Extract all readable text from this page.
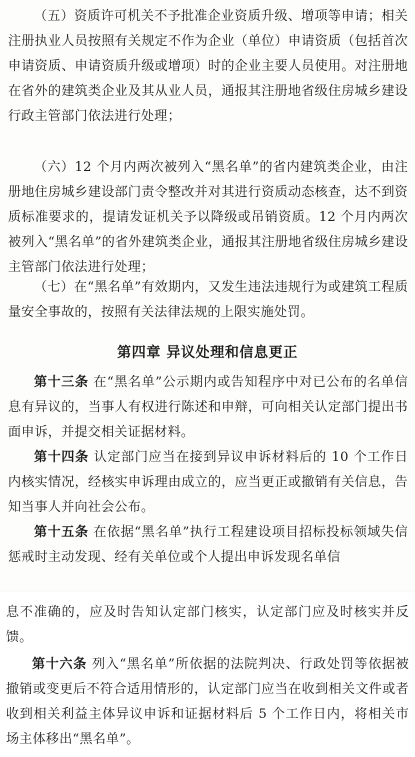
（五）资质许可机关不予批准企业资质升级、增项等申请；相关注册执业人员按照有关规定不作为企业（单位）申请资质（包括首次申请资质、申请资质升级或增项）时的企业主要人员使用。对注册地在省外的建筑类企业及其从业人员，通报其注册地省级住房城乡建设行政主管部门依法进行处理；

（六）12 个月内两次被列入“黑名单”的省内建筑类企业，由注册地住房城乡建设部门责令整改并对其进行资质动态核查，达不到资质标准要求的，提请发证机关予以降级或吊销资质。12 个月内两次被列入“黑名单”的省外建筑类企业，通报其注册地省级住房城乡建设主管部门依法进行处理；

（七）在“黑名单”有效期内，又发生违法违规行为或建筑工程质量安全事故的，按照有关法律法规的上限实施处罚。

第四章 异议处理和信息更正

第十三条 在“黑名单”公示期内或告知程序中对已公布的名单信息有异议的，当事人有权进行陈述和申辩，可向相关认定部门提出书面申诉，并提交相关证据材料。

第十四条 认定部门应当在接到异议申诉材料后的 10 个工作日内核实情况，经核实申诉理由成立的，应当更正或撤销有关信息，告知当事人并向社会公布。

第十五条 在依据“黑名单”执行工程建设项目招标投标领域失信惩戒时主动发现、经有关单位或个人提出申诉发现名单信

息不准确的，应及时告知认定部门核实，认定部门应及时核实并反馈。

第十六条 列入“黑名单”所依据的法院判决、行政处罚等依据被撤销或变更后不符合适用情形的，认定部门应当在收到相关文件或者收到相关利益主体异议申诉和证据材料后 5 个工作日内，将相关市场主体移出“黑名单”。
